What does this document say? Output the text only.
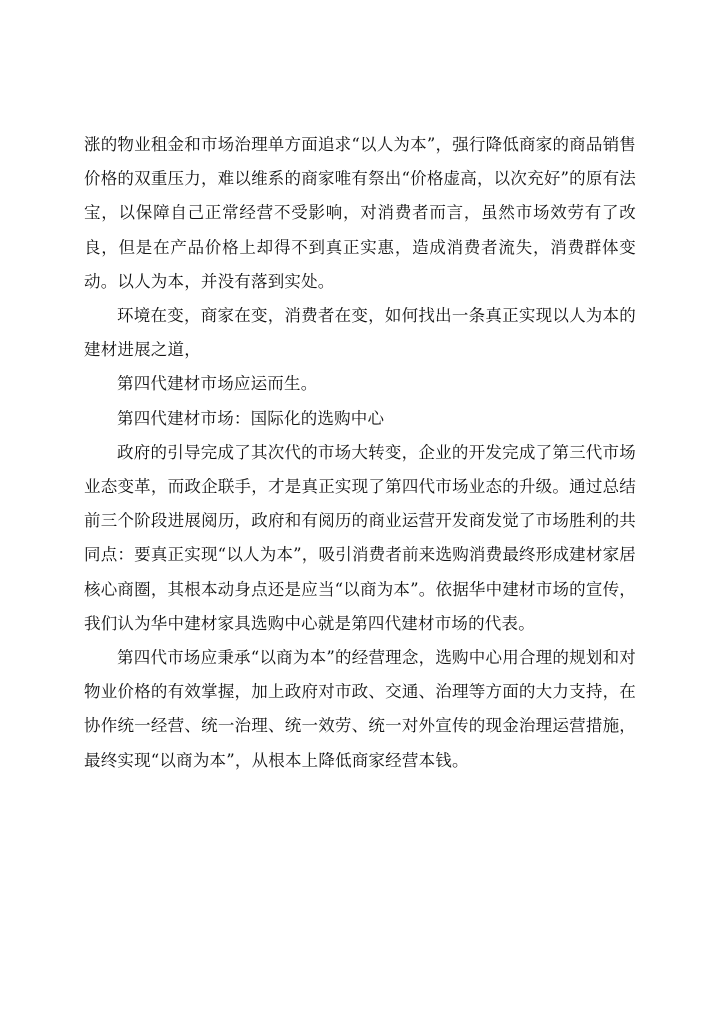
涨的物业租金和市场治理单方面追求“以人为本”，强行降低商家的商品销售价格的双重压力，难以维系的商家唯有祭出“价格虚高，以次充好”的原有法宝，以保障自己正常经营不受影响，对消费者而言，虽然市场效劳有了改良，但是在产品价格上却得不到真正实惠，造成消费者流失，消费群体变动。以人为本，并没有落到实处。

环境在变，商家在变，消费者在变，如何找出一条真正实现以人为本的建材进展之道，

第四代建材市场应运而生。

第四代建材市场：国际化的选购中心

政府的引导完成了其次代的市场大转变，企业的开发完成了第三代市场业态变革，而政企联手，才是真正实现了第四代市场业态的升级。通过总结前三个阶段进展阅历，政府和有阅历的商业运营开发商发觉了市场胜利的共同点：要真正实现“以人为本”，吸引消费者前来选购消费最终形成建材家居核心商圈，其根本动身点还是应当“以商为本”。依据华中建材市场的宣传，我们认为华中建材家具选购中心就是第四代建材市场的代表。

第四代市场应秉承“以商为本”的经营理念，选购中心用合理的规划和对物业价格的有效掌握，加上政府对市政、交通、治理等方面的大力支持，在协作统一经营、统一治理、统一效劳、统一对外宣传的现金治理运营措施，最终实现“以商为本”，从根本上降低商家经营本钱。
